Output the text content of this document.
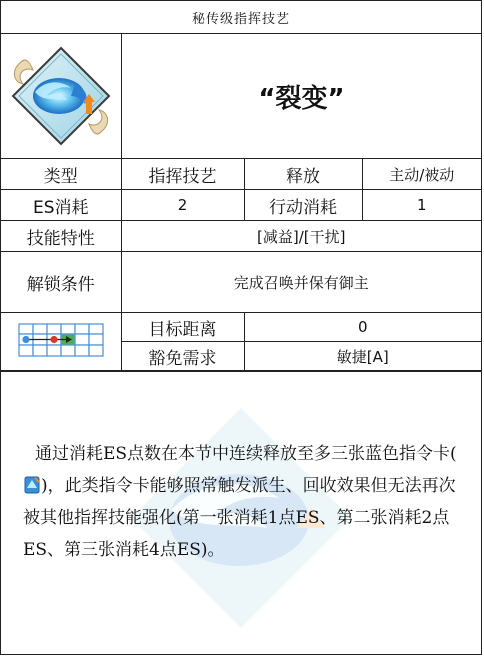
秘传级指挥技艺
“裂变”
类型	指挥技艺	释放	主动/被动
ES消耗	2	行动消耗	1
技能特性	[减益]/[干扰]		
解锁条件	完成召唤并保有御主		
	目标距离	0	
	豁免需求	敏捷[A]	
通过消耗ES点数在本节中连续释放至多三张蓝色指令卡()，此类指令卡能够照常触发派生、回收效果但无法再次被其他指挥技能强化(第一张消耗1点ES、第二张消耗2点ES、第三张消耗4点ES)。
